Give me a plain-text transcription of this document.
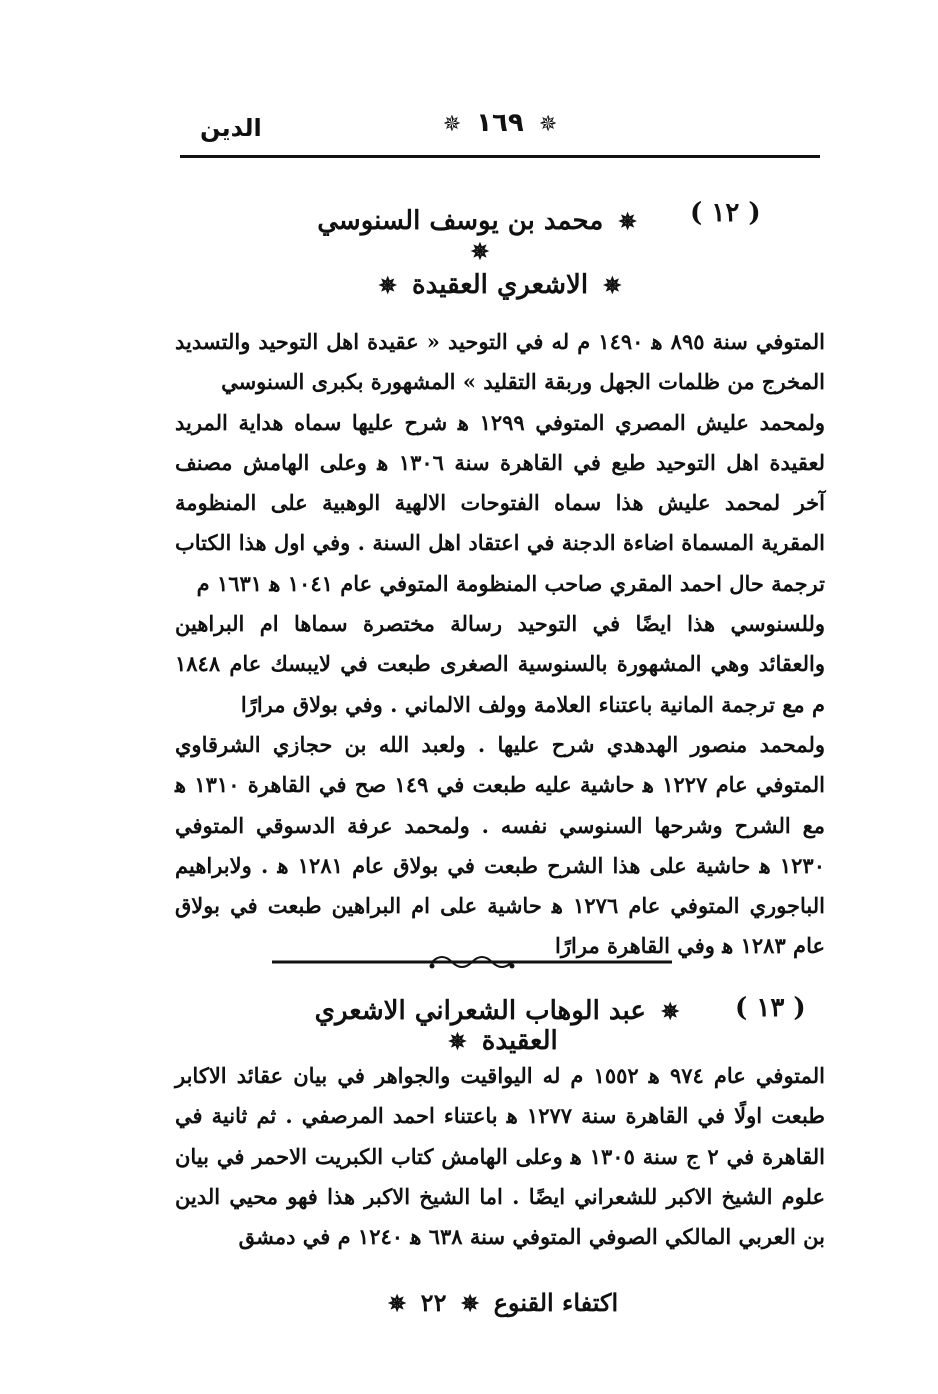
✵ ١٦٩ ✵
الدين
( ١٢ )
✵ محمد بن يوسف السنوسي ✵
✵ الاشعري العقيدة ✵

المتوفي سنة ٨٩٥ ﻫ ١٤٩٠ م له في التوحيد « عقيدة اهل التوحيد والتسديد المخرج من ظلمات الجهل وربقة التقليد » المشهورة بكبرى السنوسي

ولمحمد عليش المصري المتوفي ١٢٩٩ ﻫ شرح عليها سماه هداية المريد لعقيدة اهل التوحيد طبع في القاهرة سنة ١٣٠٦ ﻫ وعلى الهامش مصنف آخر لمحمد عليش هذا سماه الفتوحات الالهية الوهبية على المنظومة المقرية المسماة اضاءة الدجنة في اعتقاد اهل السنة . وفي اول هذا الكتاب ترجمة حال احمد المقري صاحب المنظومة المتوفي عام ١٠٤١ ﻫ ١٦٣١ م

وللسنوسي هذا ايضًا في التوحيد رسالة مختصرة سماها ام البراهين والعقائد وهي المشهورة بالسنوسية الصغرى طبعت في لايبسك عام ١٨٤٨ م مع ترجمة المانية باعتناء العلامة وولف الالماني . وفي بولاق مرارًا

ولمحمد منصور الهدهدي شرح عليها . ولعبد الله بن حجازي الشرقاوي المتوفي عام ١٢٢٧ ﻫ حاشية عليه طبعت في ١٤٩ صح في القاهرة ١٣١٠ ﻫ مع الشرح وشرحها السنوسي نفسه . ولمحمد عرفة الدسوقي المتوفي ١٢٣٠ ﻫ حاشية على هذا الشرح طبعت في بولاق عام ١٢٨١ ﻫ . ولابراهيم الباجوري المتوفي عام ١٢٧٦ ﻫ حاشية على ام البراهين طبعت في بولاق عام ١٢٨٣ ﻫ وفي القاهرة مرارًا

( ١٣ )
✵ عبد الوهاب الشعراني الاشعري العقيدة ✵

المتوفي عام ٩٧٤ ﻫ ١٥٥٢ م له اليواقيت والجواهر في بيان عقائد الاكابر طبعت اولًا في القاهرة سنة ١٢٧٧ ﻫ باعتناء احمد المرصفي . ثم ثانية في القاهرة في ٢ ج سنة ١٣٠٥ ﻫ وعلى الهامش كتاب الكبريت الاحمر في بيان علوم الشيخ الاكبر للشعراني ايضًا . اما الشيخ الاكبر هذا فهو محيي الدين بن العربي المالكي الصوفي المتوفي سنة ٦٣٨ ﻫ ١٢٤٠ م في دمشق

اكتفاء القنوع ✵ ٢٢ ✵
